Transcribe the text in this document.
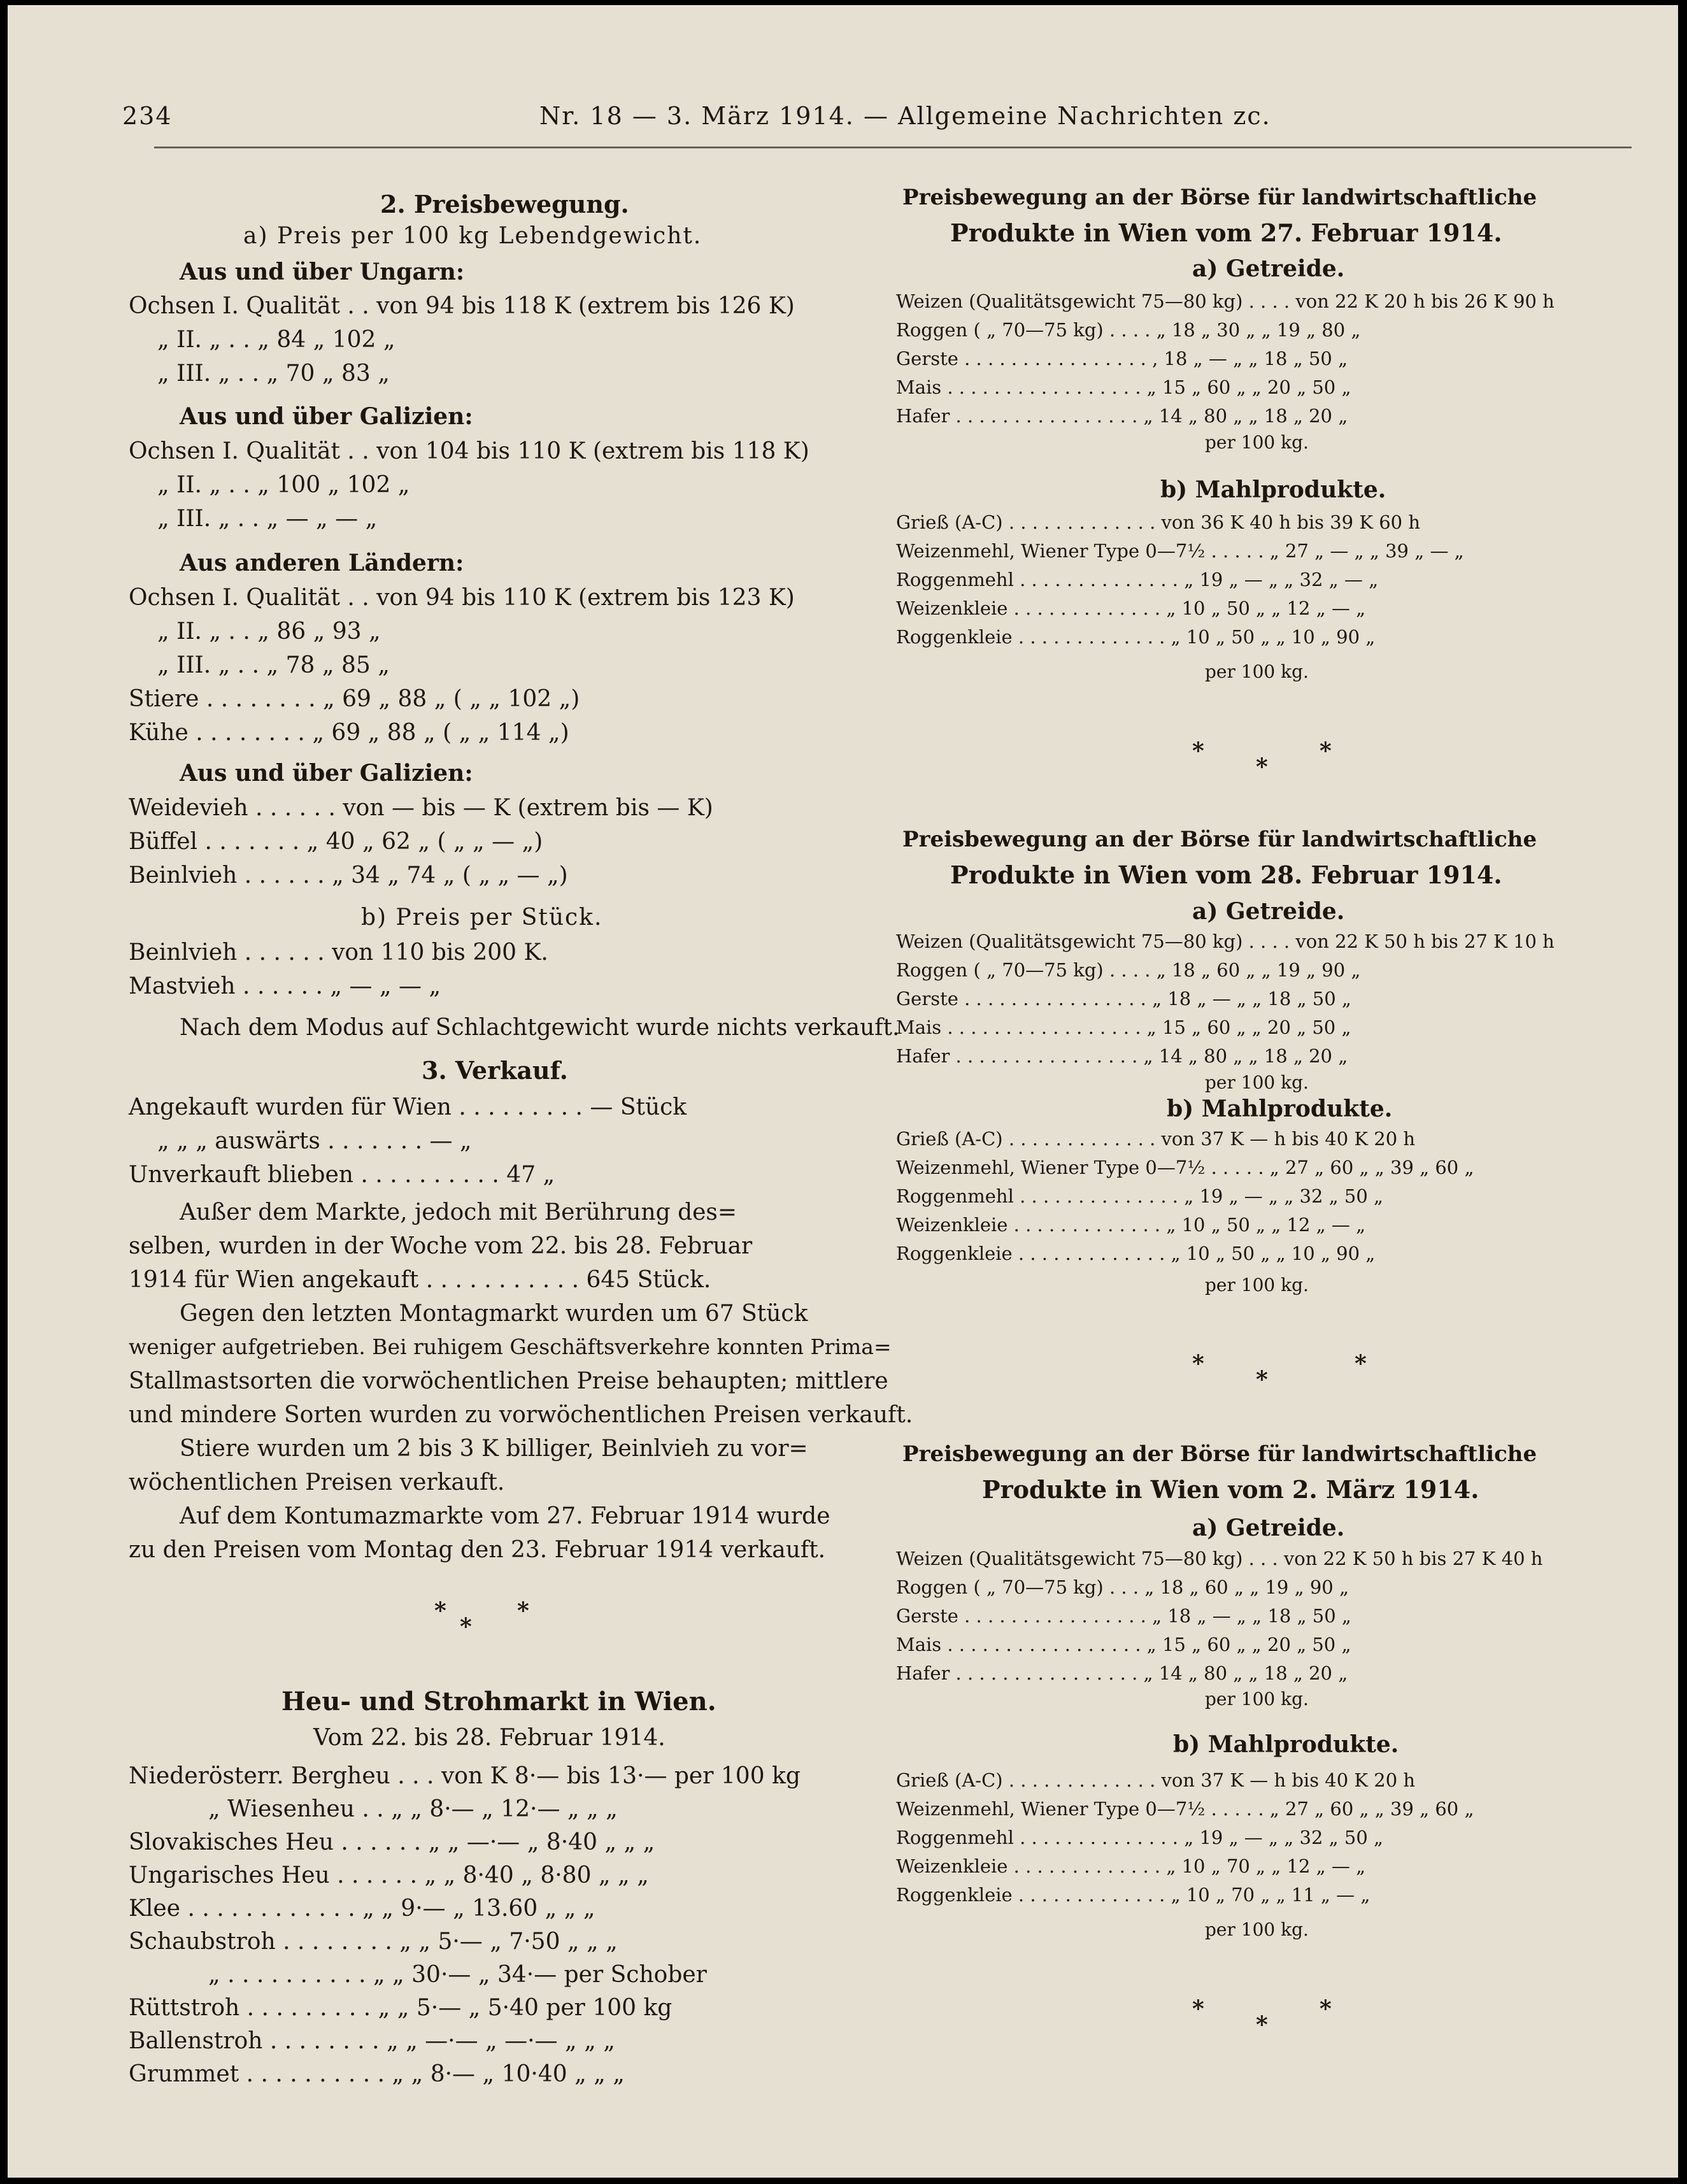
234	Nr. 18 — 3. März 1914. — Allgemeine Nachrichten zc.
2. Preisbewegung.
a) Preis per 100 kg Lebendgewicht.
Aus und über Ungarn:
Ochsen I. Qualität . . von 94 bis 118 K (extrem bis 126 K)
„ II. „ . . „ 84 „ 102 „
„ III. „ . . „ 70 „ 83 „
Aus und über Galizien:
Ochsen I. Qualität . . von 104 bis 110 K (extrem bis 118 K)
„ II. „ . . „ 100 „ 102 „
„ III. „ . . „ — „ — „
Aus anderen Ländern:
Ochsen I. Qualität . . von 94 bis 110 K (extrem bis 123 K)
„ II. „ . . „ 86 „ 93 „
„ III. „ . . „ 78 „ 85 „
Stiere . . . . . . . . „ 69 „ 88 „ ( „ „ 102 „)
Kühe . . . . . . . . „ 69 „ 88 „ ( „ „ 114 „)
Aus und über Galizien:
Weidevieh . . . . . . von — bis — K (extrem bis — K)
Büffel . . . . . . . „ 40 „ 62 „ ( „ „ — „)
Beinlvieh . . . . . . „ 34 „ 74 „ ( „ „ — „)
b) Preis per Stück.
Beinlvieh . . . . . . von 110 bis 200 K.
Mastvieh . . . . . . „ — „ — „
Nach dem Modus auf Schlachtgewicht wurde nichts verkauft.
3. Verkauf.
Angekauft wurden für Wien . . . . . . . . . — Stück
„ „ „ auswärts . . . . . . . — „
Unverkauft blieben . . . . . . . . . . 47 „
Außer dem Markte, jedoch mit Berührung des=
selben, wurden in der Woche vom 22. bis 28. Februar
1914 für Wien angekauft . . . . . . . . . . . 645 Stück.
Gegen den letzten Montagmarkt wurden um 67 Stück
weniger aufgetrieben. Bei ruhigem Geschäftsverkehre konnten Prima=
Stallmastsorten die vorwöchentlichen Preise behaupten; mittlere
und mindere Sorten wurden zu vorwöchentlichen Preisen verkauft.
Stiere wurden um 2 bis 3 K billiger, Beinlvieh zu vor=
wöchentlichen Preisen verkauft.
Auf dem Kontumazmarkte vom 27. Februar 1914 wurde
zu den Preisen vom Montag den 23. Februar 1914 verkauft.
*
*
*
Heu- und Strohmarkt in Wien.
Vom 22. bis 28. Februar 1914.
Niederösterr. Bergheu . . . von K 8·— bis 13·— per 100 kg
„ Wiesenheu . . „ „ 8·— „ 12·— „ „ „
Slovakisches Heu . . . . . . „ „ —·— „ 8·40 „ „ „
Ungarisches Heu . . . . . . „ „ 8·40 „ 8·80 „ „ „
Klee . . . . . . . . . . . . „ „ 9·— „ 13.60 „ „ „
Schaubstroh . . . . . . . . „ „ 5·— „ 7·50 „ „ „
„ . . . . . . . . . . „ „ 30·— „ 34·— per Schober
Rüttstroh . . . . . . . . . „ „ 5·— „ 5·40 per 100 kg
Ballenstroh . . . . . . . . „ „ —·— „ —·— „ „ „
Grummet . . . . . . . . . . „ „ 8·— „ 10·40 „ „ „
Preisbewegung an der Börse für landwirtschaftliche
Produkte in Wien vom 27. Februar 1914.
a) Getreide.
Weizen (Qualitätsgewicht 75—80 kg) . . . . von 22 K 20 h bis 26 K 90 h
Roggen ( „ 70—75 kg) . . . . „ 18 „ 30 „ „ 19 „ 80 „
Gerste . . . . . . . . . . . . . . . . , 18 „ — „ „ 18 „ 50 „
Mais . . . . . . . . . . . . . . . . . „ 15 „ 60 „ „ 20 „ 50 „
Hafer . . . . . . . . . . . . . . . . „ 14 „ 80 „ „ 18 „ 20 „
per 100 kg.
b) Mahlprodukte.
Grieß (A-C) . . . . . . . . . . . . . von 36 K 40 h bis 39 K 60 h
Weizenmehl, Wiener Type 0—7½ . . . . . „ 27 „ — „ „ 39 „ — „
Roggenmehl . . . . . . . . . . . . . . „ 19 „ — „ „ 32 „ — „
Weizenkleie . . . . . . . . . . . . . „ 10 „ 50 „ „ 12 „ — „
Roggenkleie . . . . . . . . . . . . . „ 10 „ 50 „ „ 10 „ 90 „
per 100 kg.
*
*
*
Preisbewegung an der Börse für landwirtschaftliche
Produkte in Wien vom 28. Februar 1914.
a) Getreide.
Weizen (Qualitätsgewicht 75—80 kg) . . . . von 22 K 50 h bis 27 K 10 h
Roggen ( „ 70—75 kg) . . . . „ 18 „ 60 „ „ 19 „ 90 „
Gerste . . . . . . . . . . . . . . . . „ 18 „ — „ „ 18 „ 50 „
Mais . . . . . . . . . . . . . . . . . „ 15 „ 60 „ „ 20 „ 50 „
Hafer . . . . . . . . . . . . . . . . „ 14 „ 80 „ „ 18 „ 20 „
per 100 kg.
b) Mahlprodukte.
Grieß (A-C) . . . . . . . . . . . . . von 37 K — h bis 40 K 20 h
Weizenmehl, Wiener Type 0—7½ . . . . . „ 27 „ 60 „ „ 39 „ 60 „
Roggenmehl . . . . . . . . . . . . . . „ 19 „ — „ „ 32 „ 50 „
Weizenkleie . . . . . . . . . . . . . „ 10 „ 50 „ „ 12 „ — „
Roggenkleie . . . . . . . . . . . . . „ 10 „ 50 „ „ 10 „ 90 „
per 100 kg.
*
*
*
Preisbewegung an der Börse für landwirtschaftliche
Produkte in Wien vom 2. März 1914.
a) Getreide.
Weizen (Qualitätsgewicht 75—80 kg) . . . von 22 K 50 h bis 27 K 40 h
Roggen ( „ 70—75 kg) . . . „ 18 „ 60 „ „ 19 „ 90 „
Gerste . . . . . . . . . . . . . . . . „ 18 „ — „ „ 18 „ 50 „
Mais . . . . . . . . . . . . . . . . . „ 15 „ 60 „ „ 20 „ 50 „
Hafer . . . . . . . . . . . . . . . . „ 14 „ 80 „ „ 18 „ 20 „
per 100 kg.
b) Mahlprodukte.
Grieß (A-C) . . . . . . . . . . . . . von 37 K — h bis 40 K 20 h
Weizenmehl, Wiener Type 0—7½ . . . . . „ 27 „ 60 „ „ 39 „ 60 „
Roggenmehl . . . . . . . . . . . . . . „ 19 „ — „ „ 32 „ 50 „
Weizenkleie . . . . . . . . . . . . . „ 10 „ 70 „ „ 12 „ — „
Roggenkleie . . . . . . . . . . . . . „ 10 „ 70 „ „ 11 „ — „
per 100 kg.
*
*
*
